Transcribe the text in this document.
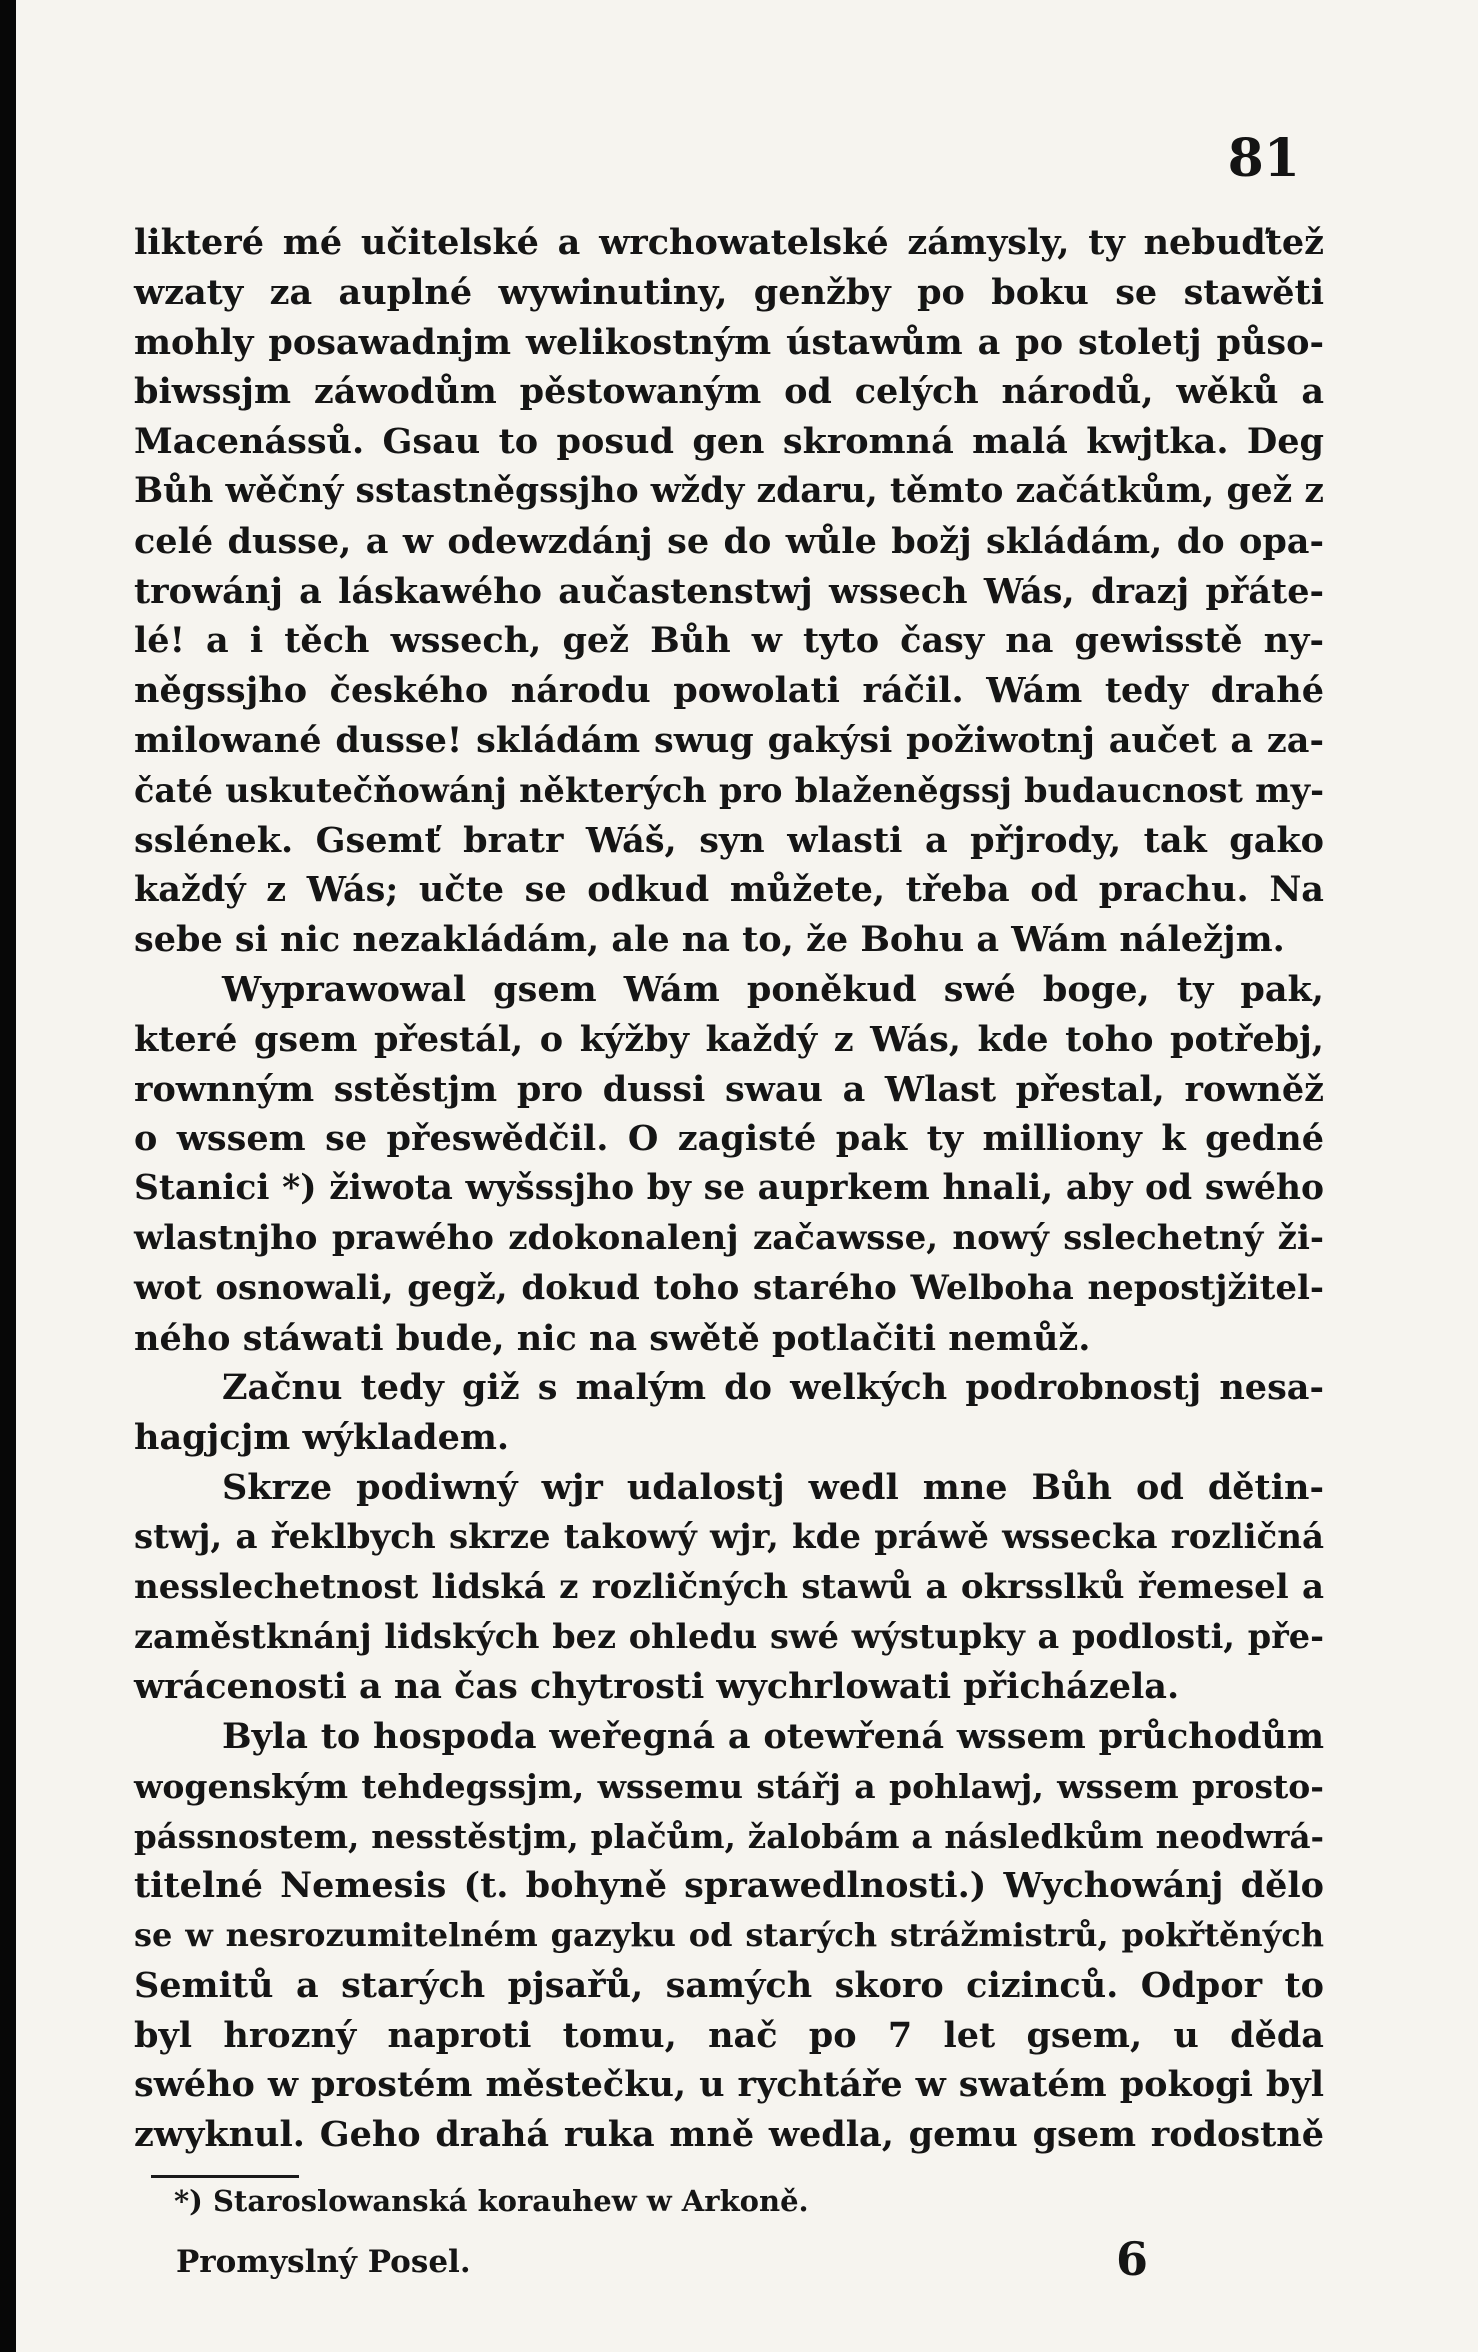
81
likteré mé učitelské a wrchowatelské zámysly, ty nebuďtež
wzaty za auplné wywinutiny, genžby po boku se stawěti
mohly posawadnjm welikostným ústawům a po stoletj půso-
biwssjm záwodům pěstowaným od celých národů, wěků a
Macenássů. Gsau to posud gen skromná malá kwjtka. Deg
Bůh wěčný sstastněgssjho wždy zdaru, těmto začátkům, gež z
celé dusse, a w odewzdánj se do wůle božj skládám, do opa-
trowánj a láskawého aučastenstwj wssech Wás, drazj přáte-
lé! a i těch wssech, gež Bůh w tyto časy na gewisstě ny-
něgssjho českého národu powolati ráčil. Wám tedy drahé
milowané dusse! skládám swug gakýsi požiwotnj aučet a za-
čaté uskutečňowánj některých pro blaženěgssj budaucnost my-
sslének. Gsemť bratr Wáš, syn wlasti a přjrody, tak gako
každý z Wás; učte se odkud můžete, třeba od prachu. Na
sebe si nic nezakládám, ale na to, že Bohu a Wám náležjm.
Wyprawowal gsem Wám poněkud swé boge, ty pak,
které gsem přestál, o kýžby každý z Wás, kde toho potřebj,
rownným sstěstjm pro dussi swau a Wlast přestal, rowněž
o wssem se přeswědčil. O zagisté pak ty milliony k gedné
Stanici *) žiwota wyšssjho by se auprkem hnali, aby od swého
wlastnjho prawého zdokonalenj začawsse, nowý sslechetný ži-
wot osnowali, gegž, dokud toho starého Welboha nepostjžitel-
ného stáwati bude, nic na swětě potlačiti nemůž.
Začnu tedy giž s malým do welkých podrobnostj nesa-
hagjcjm wýkladem.
Skrze podiwný wjr udalostj wedl mne Bůh od dětin-
stwj, a řeklbych skrze takowý wjr, kde práwě wssecka rozličná
nesslechetnost lidská z rozličných stawů a okrsslků řemesel a
zaměstknánj lidských bez ohledu swé wýstupky a podlosti, pře-
wrácenosti a na čas chytrosti wychrlowati přicházela.
Byla to hospoda weřegná a otewřená wssem průchodům
wogenským tehdegssjm, wssemu stářj a pohlawj, wssem prosto-
pássnostem, nesstěstjm, plačům, žalobám a následkům neodwrá-
titelné Nemesis (t. bohyně sprawedlnosti.) Wychowánj dělo
se w nesrozumitelném gazyku od starých strážmistrů, pokřtěných
Semitů a starých pjsařů, samých skoro cizinců. Odpor to
byl hrozný naproti tomu, nač po 7 let gsem, u děda
swého w prostém městečku, u rychtáře w swatém pokogi byl
zwyknul. Geho drahá ruka mně wedla, gemu gsem rodostně
*) Staroslowanská korauhew w Arkoně.
Promyslný Posel.	6
